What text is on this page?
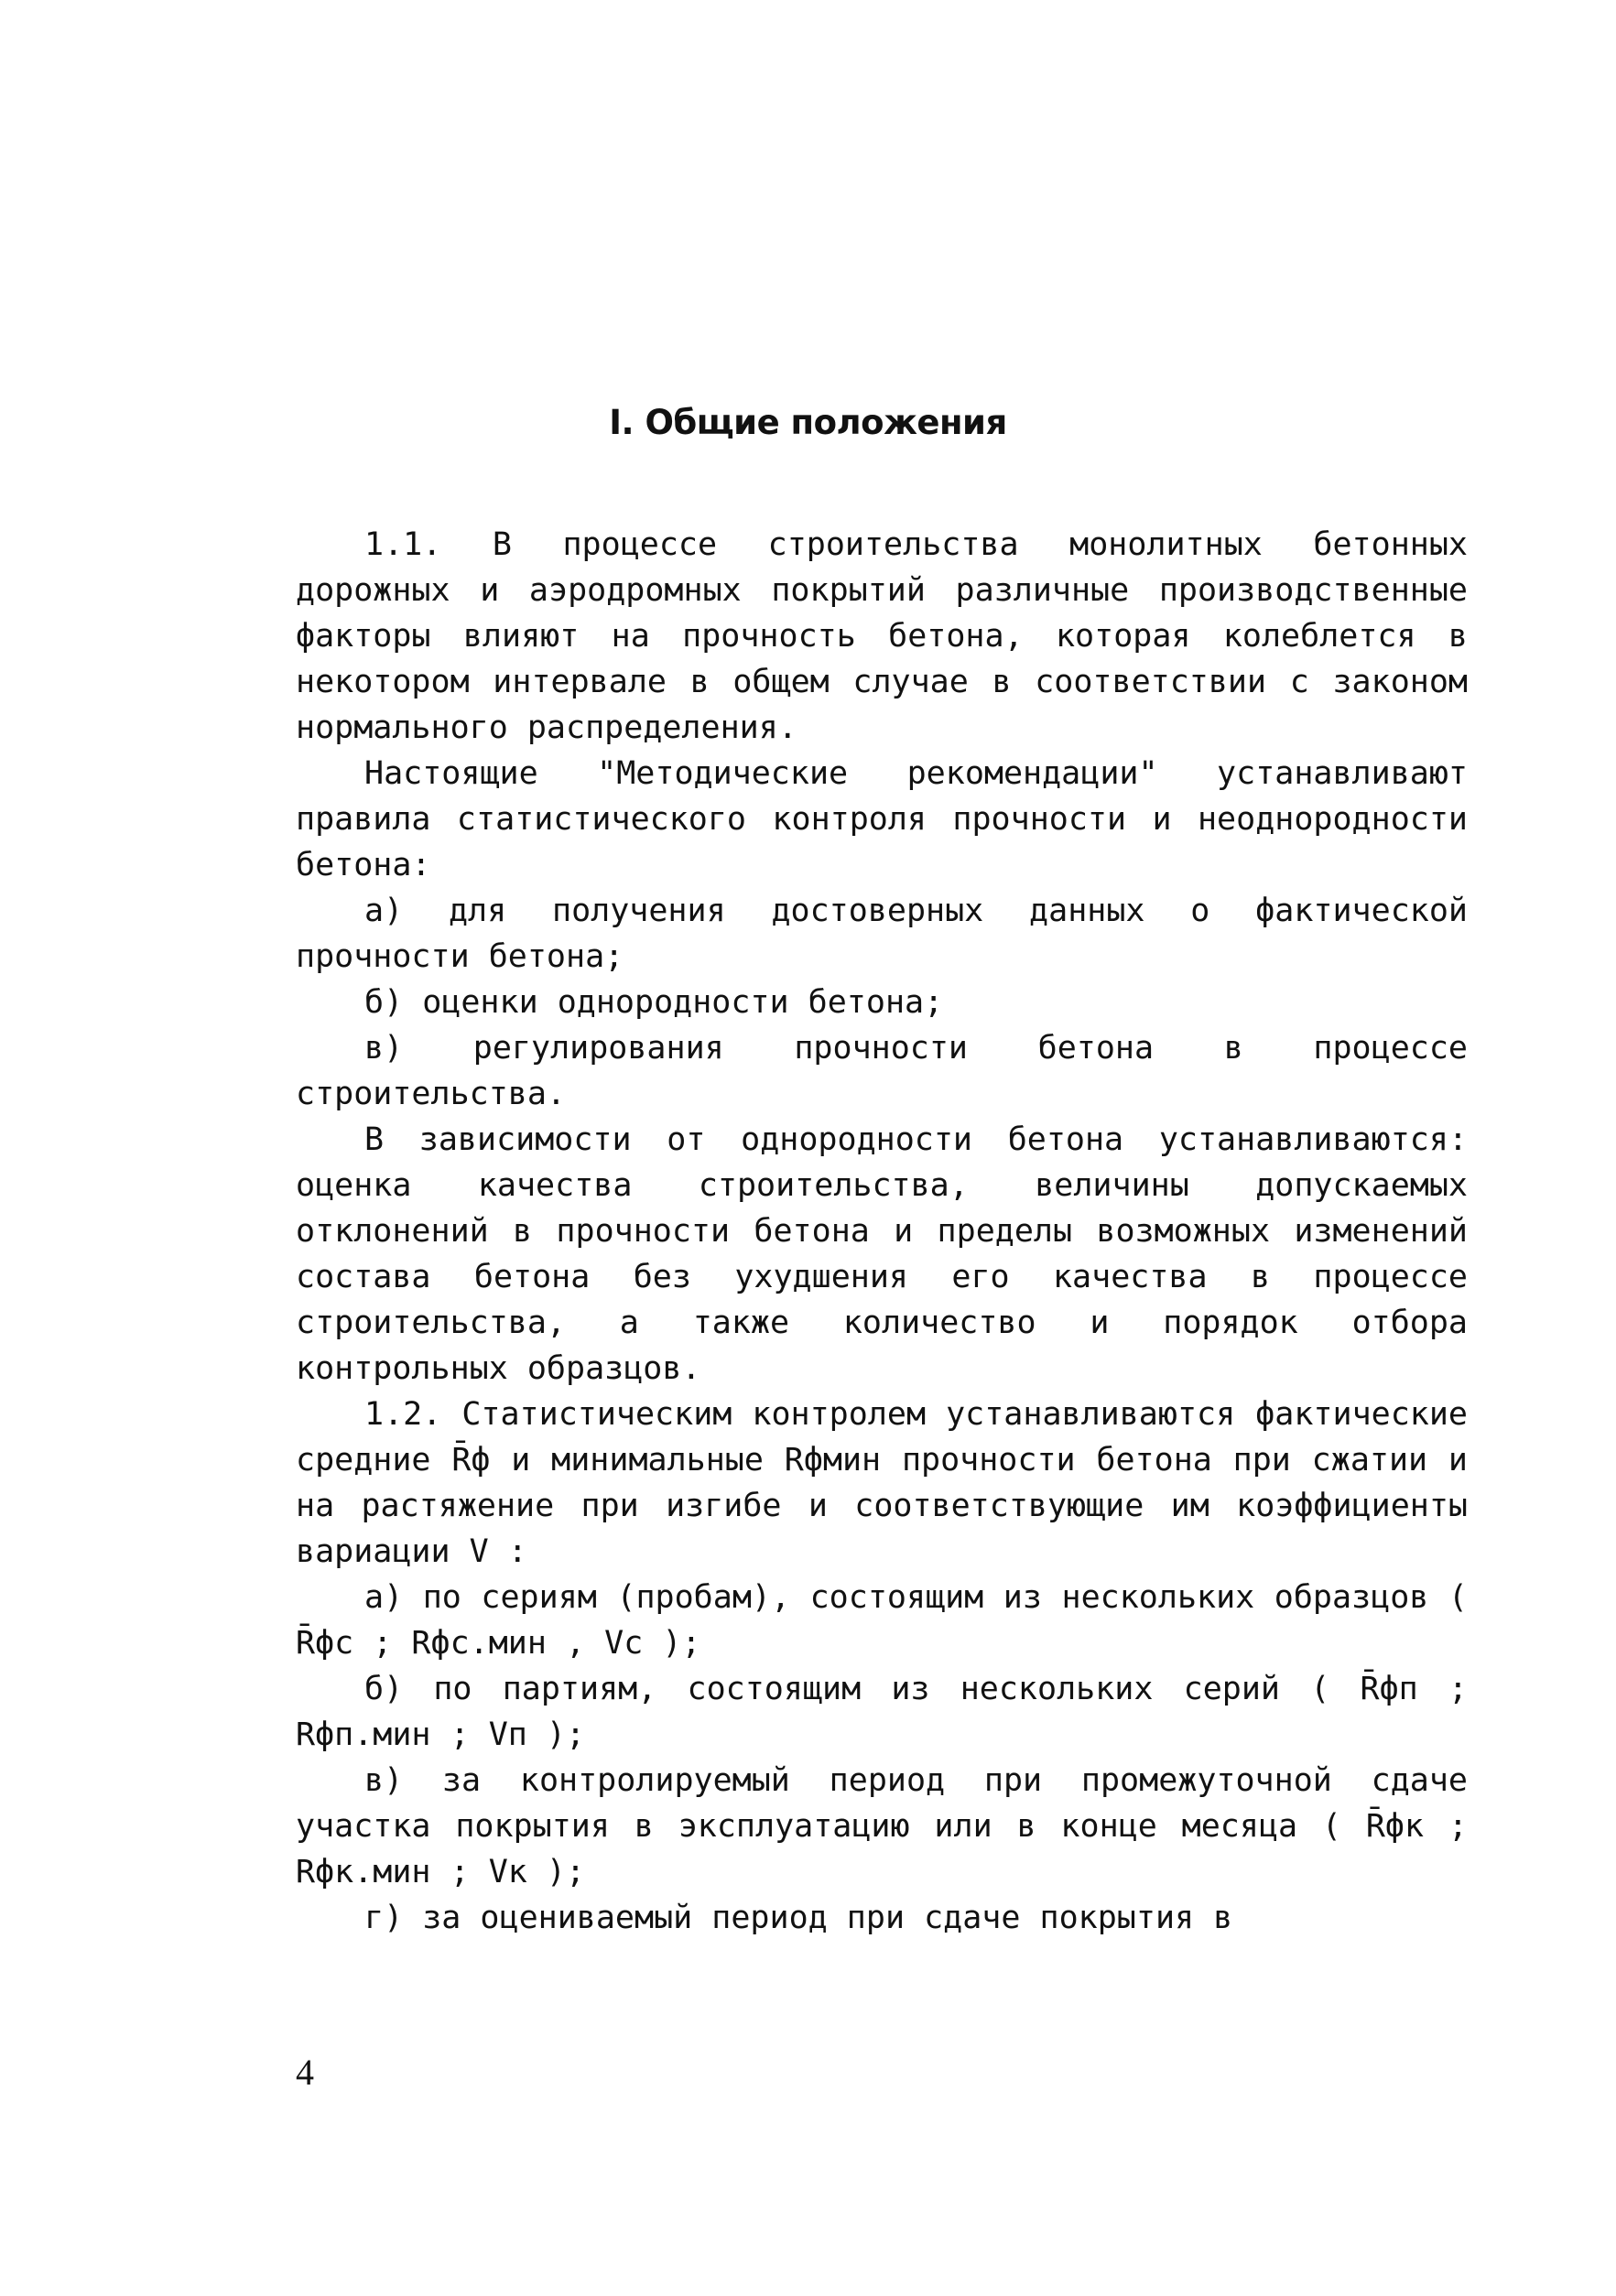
I. Общие положения

1.1. В процессе строительства монолитных бетонных дорожных и аэродромных покрытий различные производственные факторы влияют на прочность бетона, которая колеблется в некотором интервале в общем случае в соответствии с законом нормального распределения.

Настоящие "Методические рекомендации" устанавливают правила статистического контроля прочности и неоднородности бетона:

а) для получения достоверных данных о фактической прочности бетона;

б) оценки однородности бетона;

в) регулирования прочности бетона в процессе строительства.

В зависимости от однородности бетона устанавливаются: оценка качества строительства, величины допускаемых отклонений в прочности бетона и пределы возможных изменений состава бетона без ухудшения его качества в процессе строительства, а также количество и порядок отбора контрольных образцов.

1.2. Статистическим контролем устанавливаются фактические средние R̄ф и минимальные Rфмин прочности бетона при сжатии и на растяжение при изгибе и соответствующие им коэффициенты вариации V :

а) по сериям (пробам), состоящим из нескольких образцов ( R̄фс ; Rфс.мин , Vс );

б) по партиям, состоящим из нескольких серий ( R̄фп ; Rфп.мин ; Vп );

в) за контролируемый период при промежуточной сдаче участка покрытия в эксплуатацию или в конце месяца ( R̄фк ; Rфк.мин ; Vк );

г) за оцениваемый период при сдаче покрытия в

4
